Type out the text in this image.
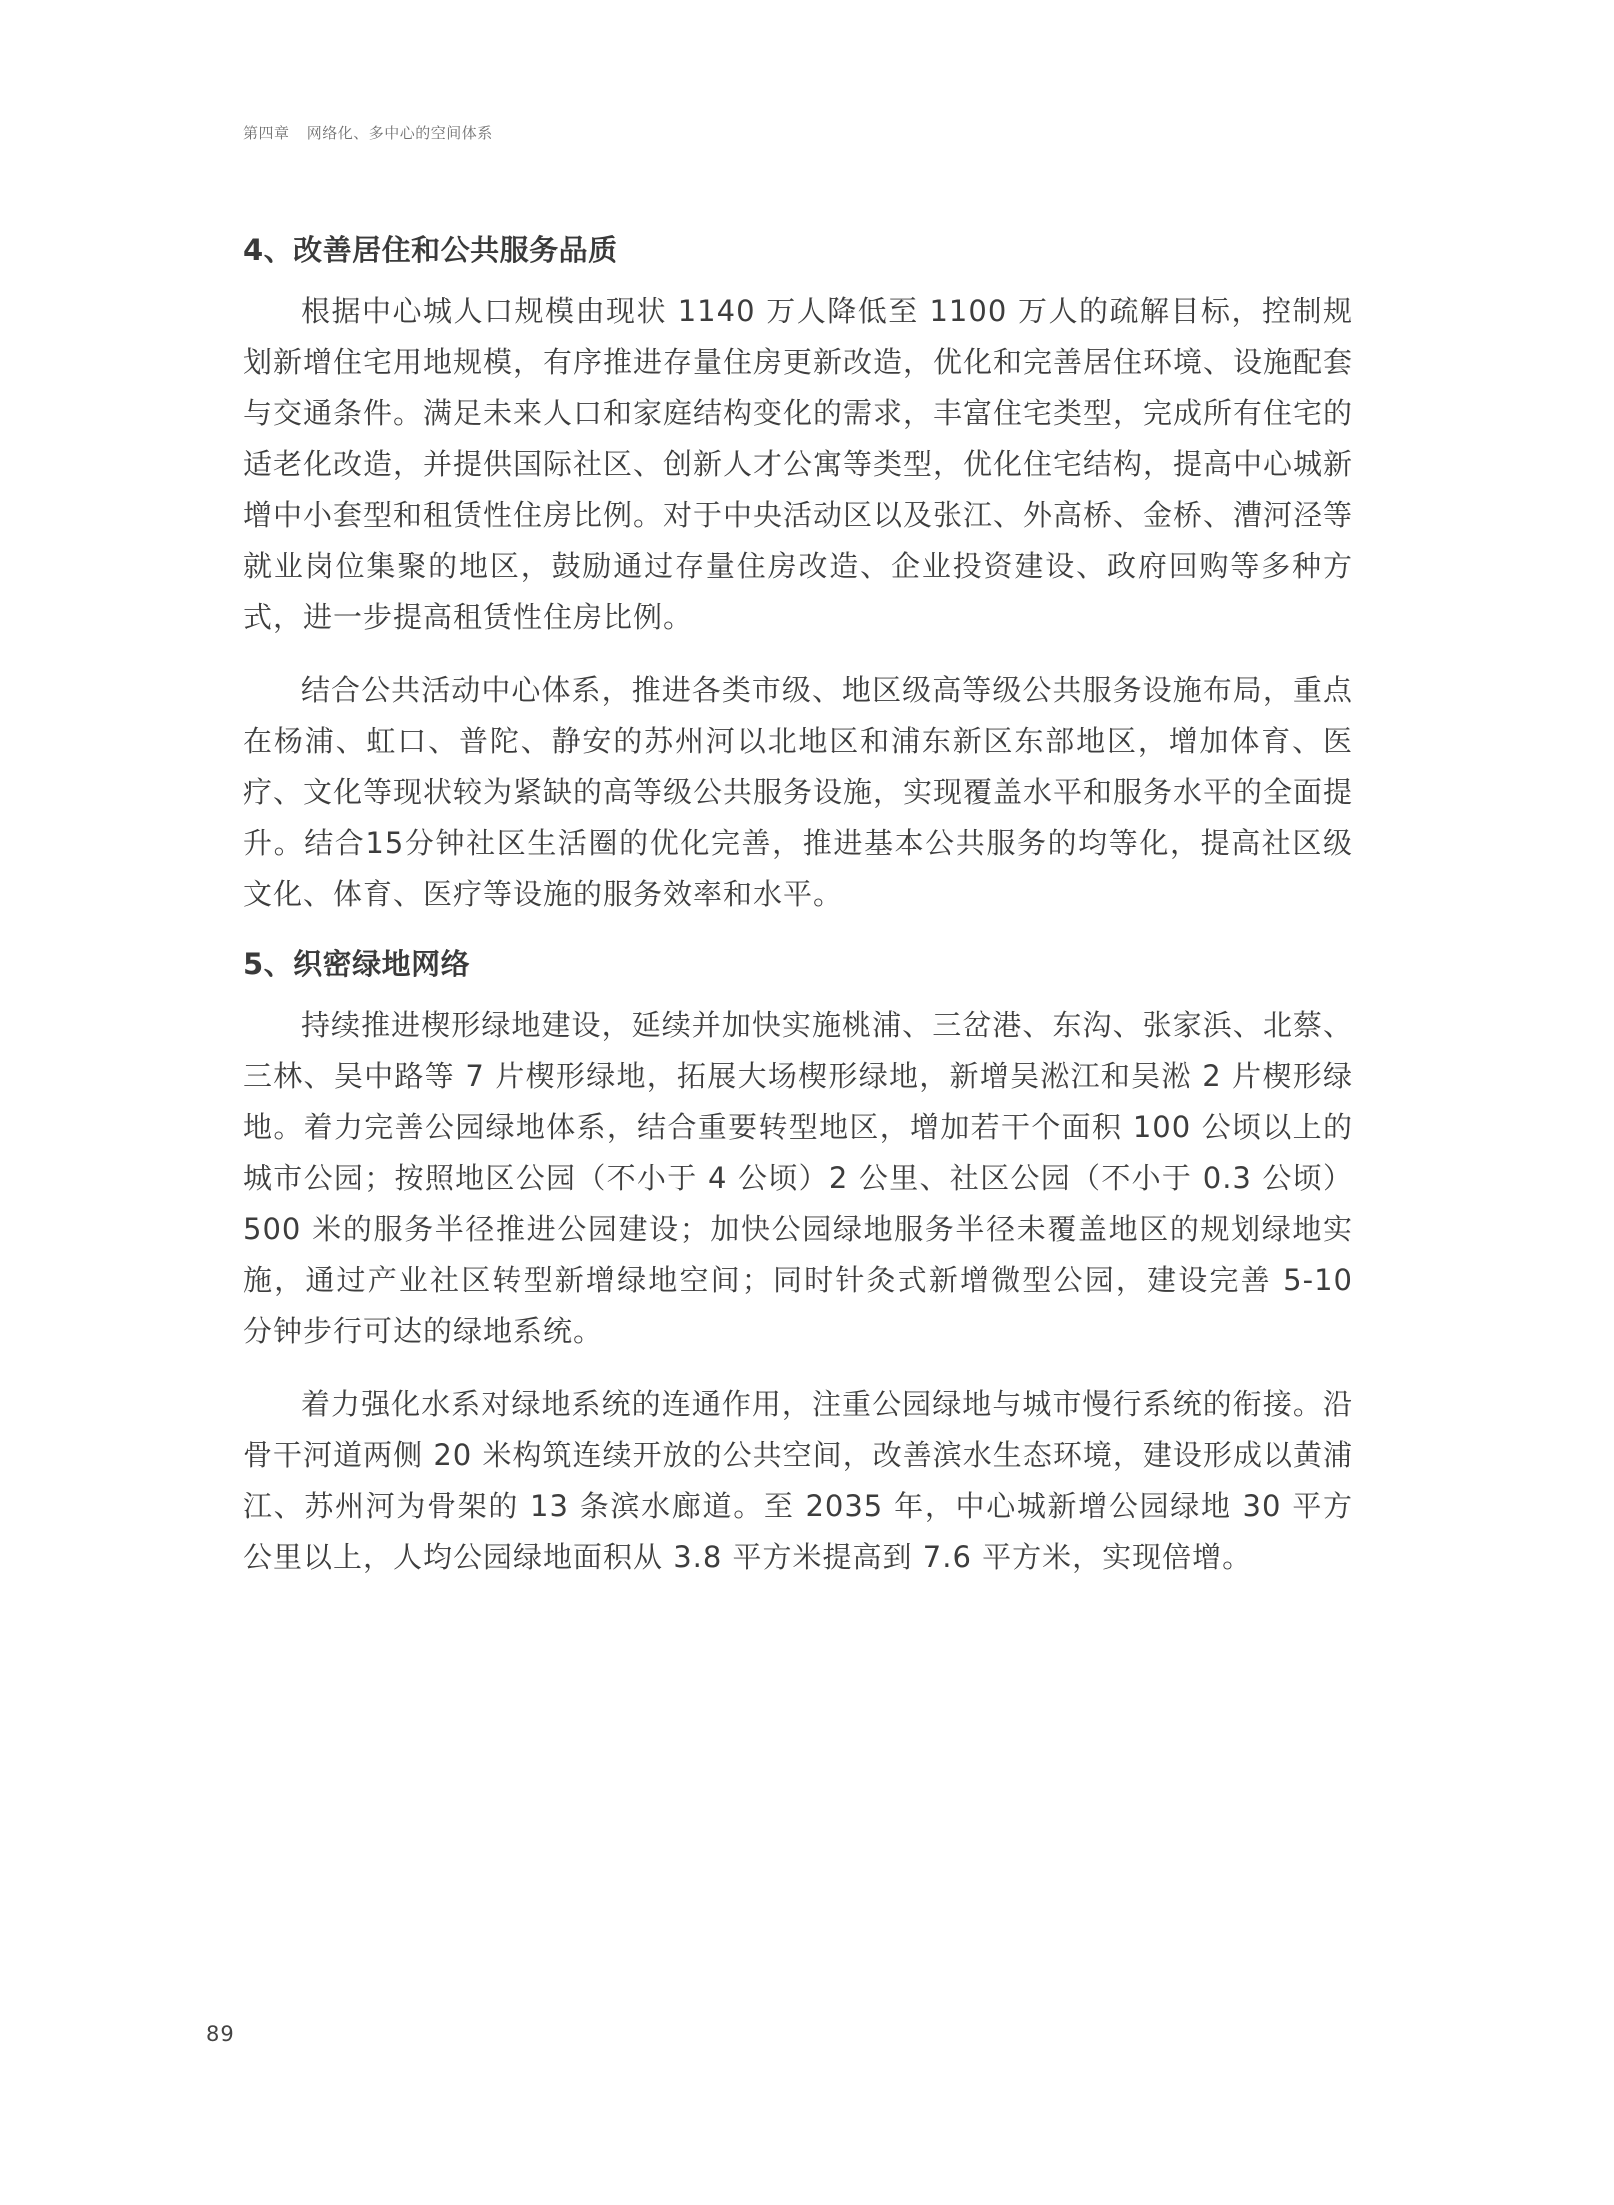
第四章 网络化、多中心的空间体系
4、改善居住和公共服务品质

根据中心城人口规模由现状 1140 万人降低至 1100 万人的疏解目标，控制规划新增住宅用地规模，有序推进存量住房更新改造，优化和完善居住环境、设施配套与交通条件。满足未来人口和家庭结构变化的需求，丰富住宅类型，完成所有住宅的适老化改造，并提供国际社区、创新人才公寓等类型，优化住宅结构，提高中心城新增中小套型和租赁性住房比例。对于中央活动区以及张江、外高桥、金桥、漕河泾等就业岗位集聚的地区，鼓励通过存量住房改造、企业投资建设、政府回购等多种方式，进一步提高租赁性住房比例。

结合公共活动中心体系，推进各类市级、地区级高等级公共服务设施布局，重点在杨浦、虹口、普陀、静安的苏州河以北地区和浦东新区东部地区，增加体育、医疗、文化等现状较为紧缺的高等级公共服务设施，实现覆盖水平和服务水平的全面提升。结合15分钟社区生活圈的优化完善，推进基本公共服务的均等化，提高社区级文化、体育、医疗等设施的服务效率和水平。

5、织密绿地网络

持续推进楔形绿地建设，延续并加快实施桃浦、三岔港、东沟、张家浜、北蔡、三林、吴中路等 7 片楔形绿地，拓展大场楔形绿地，新增吴淞江和吴淞 2 片楔形绿地。着力完善公园绿地体系，结合重要转型地区，增加若干个面积 100 公顷以上的城市公园；按照地区公园（不小于 4 公顷）2 公里、社区公园（不小于 0.3 公顷）500 米的服务半径推进公园建设；加快公园绿地服务半径未覆盖地区的规划绿地实施，通过产业社区转型新增绿地空间；同时针灸式新增微型公园，建设完善 5-10 分钟步行可达的绿地系统。

着力强化水系对绿地系统的连通作用，注重公园绿地与城市慢行系统的衔接。沿骨干河道两侧 20 米构筑连续开放的公共空间，改善滨水生态环境，建设形成以黄浦江、苏州河为骨架的 13 条滨水廊道。至 2035 年，中心城新增公园绿地 30 平方公里以上，人均公园绿地面积从 3.8 平方米提高到 7.6 平方米，实现倍增。

89
